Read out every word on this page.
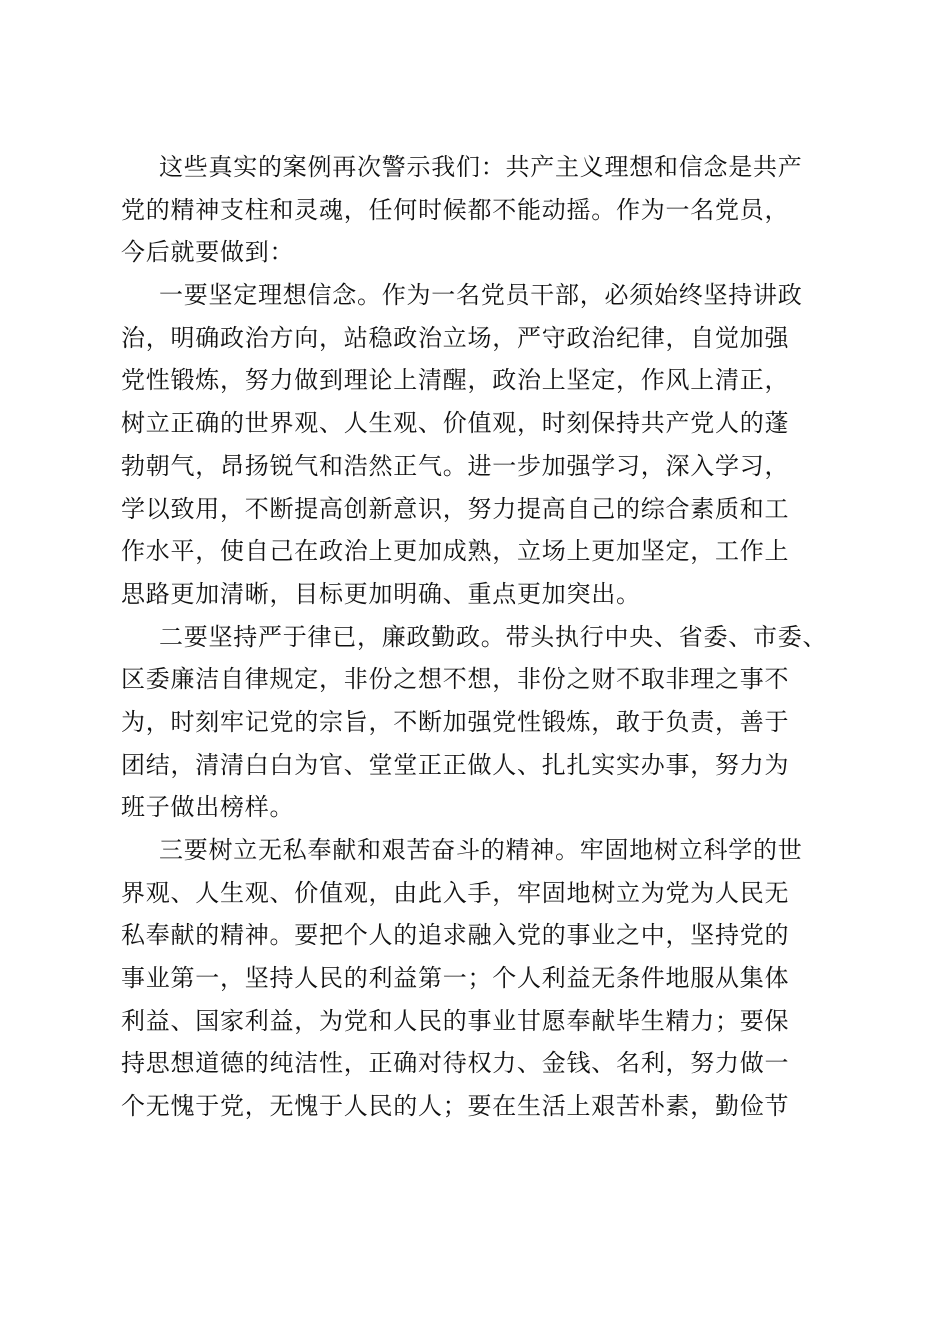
这些真实的案例再次警示我们：共产主义理想和信念是共产
党的精神支柱和灵魂，任何时候都不能动摇。作为一名党员，
今后就要做到：
一要坚定理想信念。作为一名党员干部，必须始终坚持讲政
治，明确政治方向，站稳政治立场，严守政治纪律，自觉加强
党性锻炼，努力做到理论上清醒，政治上坚定，作风上清正，
树立正确的世界观、人生观、价值观，时刻保持共产党人的蓬
勃朝气，昂扬锐气和浩然正气。进一步加强学习，深入学习，
学以致用，不断提高创新意识，努力提高自己的综合素质和工
作水平，使自己在政治上更加成熟，立场上更加坚定，工作上
思路更加清晰，目标更加明确、重点更加突出。
二要坚持严于律已，廉政勤政。带头执行中央、省委、市委、
区委廉洁自律规定，非份之想不想，非份之财不取非理之事不
为，时刻牢记党的宗旨，不断加强党性锻炼，敢于负责，善于
团结，清清白白为官、堂堂正正做人、扎扎实实办事，努力为
班子做出榜样。
三要树立无私奉献和艰苦奋斗的精神。牢固地树立科学的世
界观、人生观、价值观，由此入手，牢固地树立为党为人民无
私奉献的精神。要把个人的追求融入党的事业之中，坚持党的
事业第一，坚持人民的利益第一；个人利益无条件地服从集体
利益、国家利益，为党和人民的事业甘愿奉献毕生精力；要保
持思想道德的纯洁性，正确对待权力、金钱、名利，努力做一
个无愧于党，无愧于人民的人；要在生活上艰苦朴素，勤俭节
